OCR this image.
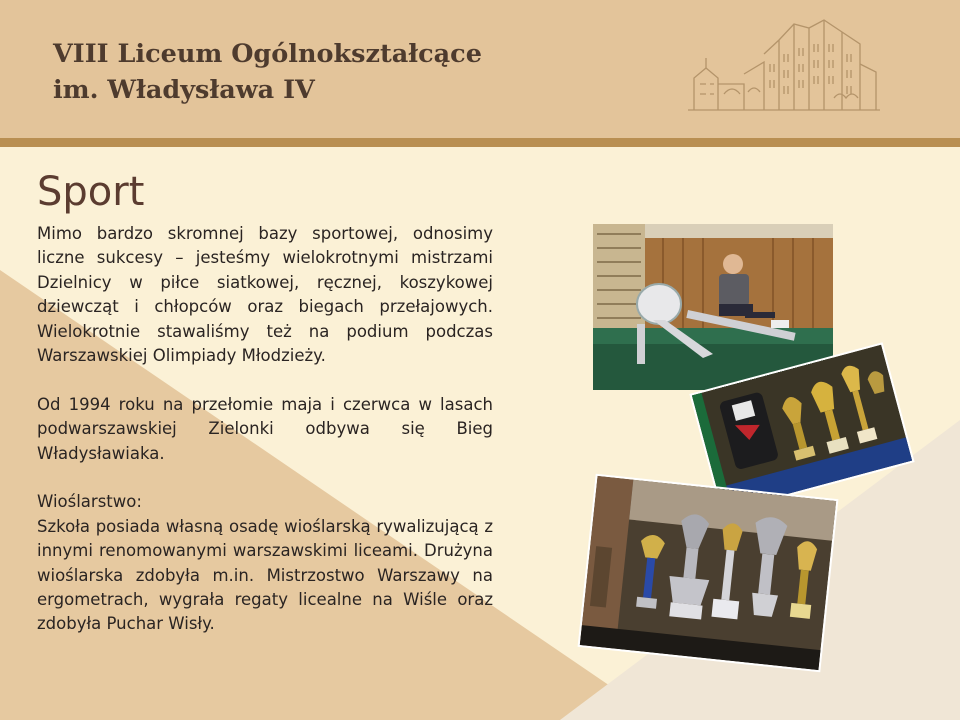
VIII Liceum Ogólnokształcące
im. Władysława IV
Sport

Mimo bardzo skromnej bazy sportowej, odnosimy liczne sukcesy – jesteśmy wielokrotnymi mistrzami Dzielnicy w piłce siatkowej, ręcznej, koszykowej dziewcząt i chłopców oraz biegach przełajowych. Wielokrotnie stawaliśmy też na podium podczas Warszawskiej Olimpiady Młodzieży.

Od 1994 roku na przełomie maja i czerwca w lasach podwarszawskiej Zielonki odbywa się Bieg Władysławiaka.

Wioślarstwo:

Szkoła posiada własną osadę wioślarską rywalizującą z innymi renomowanymi warszawskimi liceami. Drużyna wioślarska zdobyła m.in. Mistrzostwo Warszawy na ergometrach, wygrała regaty licealne na Wiśle oraz zdobyła Puchar Wisły.
